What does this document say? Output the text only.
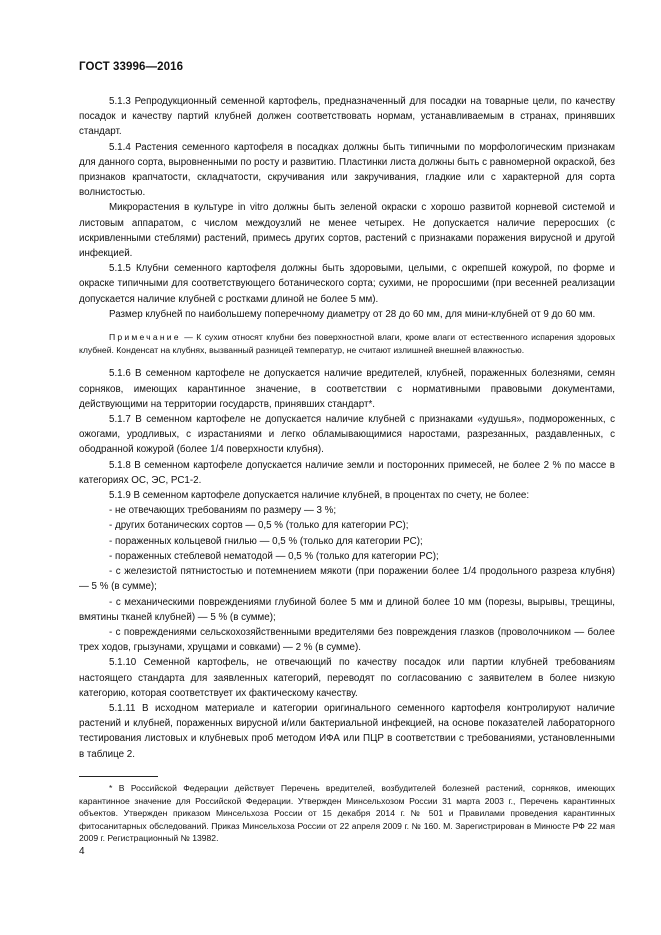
ГОСТ 33996—2016

5.1.3 Репродукционный семенной картофель, предназначенный для посадки на товарные цели, по качеству посадок и качеству партий клубней должен соответствовать нормам, устанавливаемым в странах, принявших стандарт.

5.1.4 Растения семенного картофеля в посадках должны быть типичными по морфологическим признакам для данного сорта, выровненными по росту и развитию. Пластинки листа должны быть с равномерной окраской, без признаков крапчатости, складчатости, скручивания или закручивания, гладкие или с характерной для сорта волнистостью.

Микрорастения в культуре in vitro должны быть зеленой окраски с хорошо развитой корневой системой и листовым аппаратом, с числом междоузлий не менее четырех. Не допускается наличие переросших (с искривленными стеблями) растений, примесь других сортов, растений с признаками поражения вирусной и другой инфекцией.

5.1.5 Клубни семенного картофеля должны быть здоровыми, целыми, с окрепшей кожурой, по форме и окраске типичными для соответствующего ботанического сорта; сухими, не проросшими (при весенней реализации допускается наличие клубней с ростками длиной не более 5 мм).

Размер клубней по наибольшему поперечному диаметру от 28 до 60 мм, для мини-клубней от 9 до 60 мм.

Примечание — К сухим относят клубни без поверхностной влаги, кроме влаги от естественного испарения здоровых клубней. Конденсат на клубнях, вызванный разницей температур, не считают излишней внешней влажностью.

5.1.6 В семенном картофеле не допускается наличие вредителей, клубней, пораженных болезнями, семян сорняков, имеющих карантинное значение, в соответствии с нормативными правовыми документами, действующими на территории государств, принявших стандарт*.

5.1.7 В семенном картофеле не допускается наличие клубней с признаками «удушья», подмороженных, с ожогами, уродливых, с израстаниями и легко обламывающимися наростами, разрезанных, раздавленных, с ободранной кожурой (более 1/4 поверхности клубня).

5.1.8 В семенном картофеле допускается наличие земли и посторонних примесей, не более 2 % по массе в категориях ОС, ЭС, РС1-2.

5.1.9 В семенном картофеле допускается наличие клубней, в процентах по счету, не более:

- не отвечающих требованиям по размеру — 3 %;

- других ботанических сортов — 0,5 % (только для категории PC);

- пораженных кольцевой гнилью — 0,5 % (только для категории PC);

- пораженных стеблевой нематодой — 0,5 % (только для категории PC);

- с железистой пятнистостью и потемнением мякоти (при поражении более 1/4 продольного разреза клубня) — 5 % (в сумме);

- с механическими повреждениями глубиной более 5 мм и длиной более 10 мм (порезы, вырывы, трещины, вмятины тканей клубней) — 5 % (в сумме);

- с повреждениями сельскохозяйственными вредителями без повреждения глазков (проволочником — более трех ходов, грызунами, хрущами и совками) — 2 % (в сумме).

5.1.10 Семенной картофель, не отвечающий по качеству посадок или партии клубней требованиям настоящего стандарта для заявленных категорий, переводят по согласованию с заявителем в более низкую категорию, которая соответствует их фактическому качеству.

5.1.11 В исходном материале и категории оригинального семенного картофеля контролируют наличие растений и клубней, пораженных вирусной и/или бактериальной инфекцией, на основе показателей лабораторного тестирования листовых и клубневых проб методом ИФА или ПЦР в соответствии с требованиями, установленными в таблице 2.

* В Российской Федерации действует Перечень вредителей, возбудителей болезней растений, сорняков, имеющих карантинное значение для Российской Федерации. Утвержден Минсельхозом России 31 марта 2003 г., Перечень карантинных объектов. Утвержден приказом Минсельхоза России от 15 декабря 2014 г. № 501 и Правилами проведения карантинных фитосанитарных обследований. Приказ Минсельхоза России от 22 апреля 2009 г. № 160. М. Зарегистрирован в Минюсте РФ 22 мая 2009 г. Регистрационный № 13982.
4
